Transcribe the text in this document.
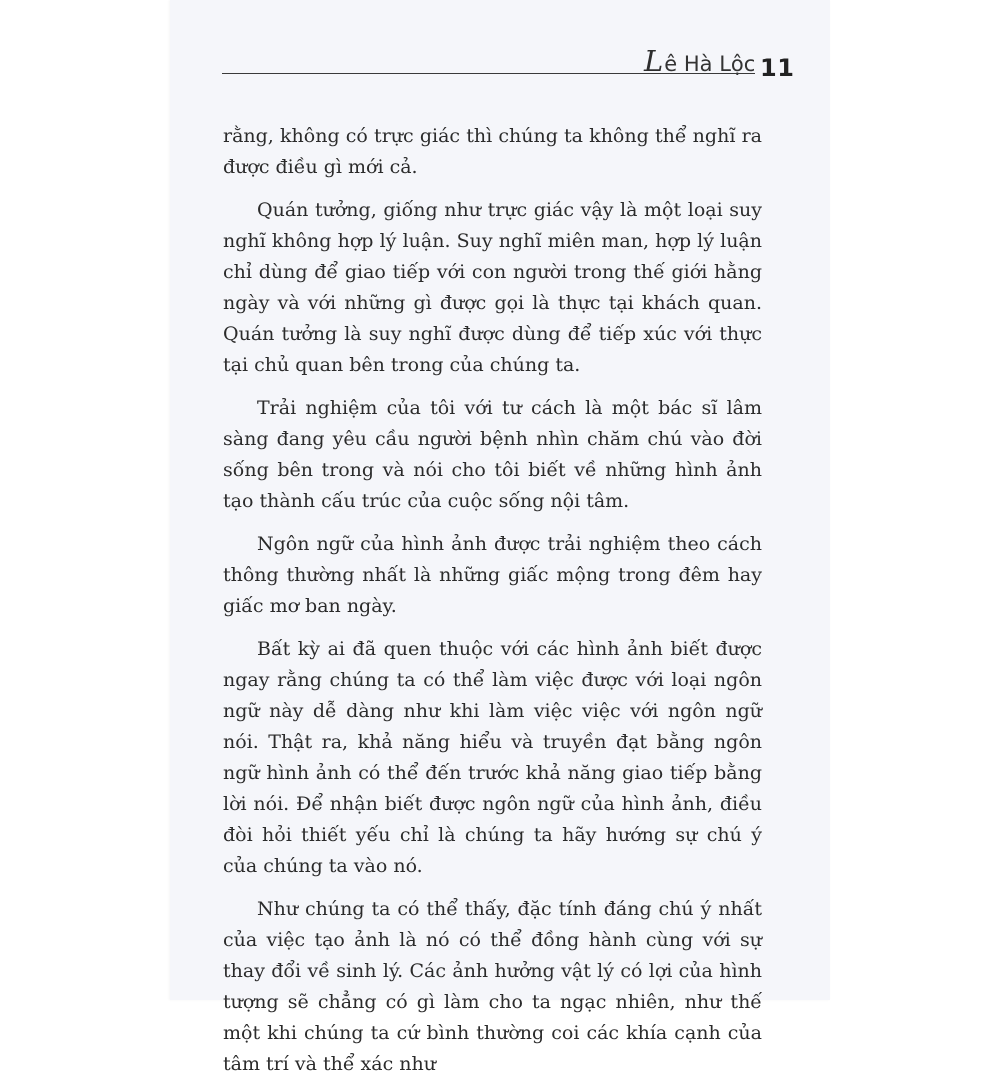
L ê Hà Lộc 11

rằng, không có trực giác thì chúng ta không thể nghĩ ra được điều gì mới cả.

Quán tưởng, giống như trực giác vậy là một loại suy nghĩ không hợp lý luận. Suy nghĩ miên man, hợp lý luận chỉ dùng để giao tiếp với con người trong thế giới hằng ngày và với những gì được gọi là thực tại khách quan. Quán tưởng là suy nghĩ được dùng để tiếp xúc với thực tại chủ quan bên trong của chúng ta.

Trải nghiệm của tôi với tư cách là một bác sĩ lâm sàng đang yêu cầu người bệnh nhìn chăm chú vào đời sống bên trong và nói cho tôi biết về những hình ảnh tạo thành cấu trúc của cuộc sống nội tâm.

Ngôn ngữ của hình ảnh được trải nghiệm theo cách thông thường nhất là những giấc mộng trong đêm hay giấc mơ ban ngày.

Bất kỳ ai đã quen thuộc với các hình ảnh biết được ngay rằng chúng ta có thể làm việc được với loại ngôn ngữ này dễ dàng như khi làm việc việc với ngôn ngữ nói. Thật ra, khả năng hiểu và truyền đạt bằng ngôn ngữ hình ảnh có thể đến trước khả năng giao tiếp bằng lời nói. Để nhận biết được ngôn ngữ của hình ảnh, điều đòi hỏi thiết yếu chỉ là chúng ta hãy hướng sự chú ý của chúng ta vào nó.

Như chúng ta có thể thấy, đặc tính đáng chú ý nhất của việc tạo ảnh là nó có thể đồng hành cùng với sự thay đổi về sinh lý. Các ảnh hưởng vật lý có lợi của hình tượng sẽ chẳng có gì làm cho ta ngạc nhiên, như thế một khi chúng ta cứ bình thường coi các khía cạnh của tâm trí và thể xác như
